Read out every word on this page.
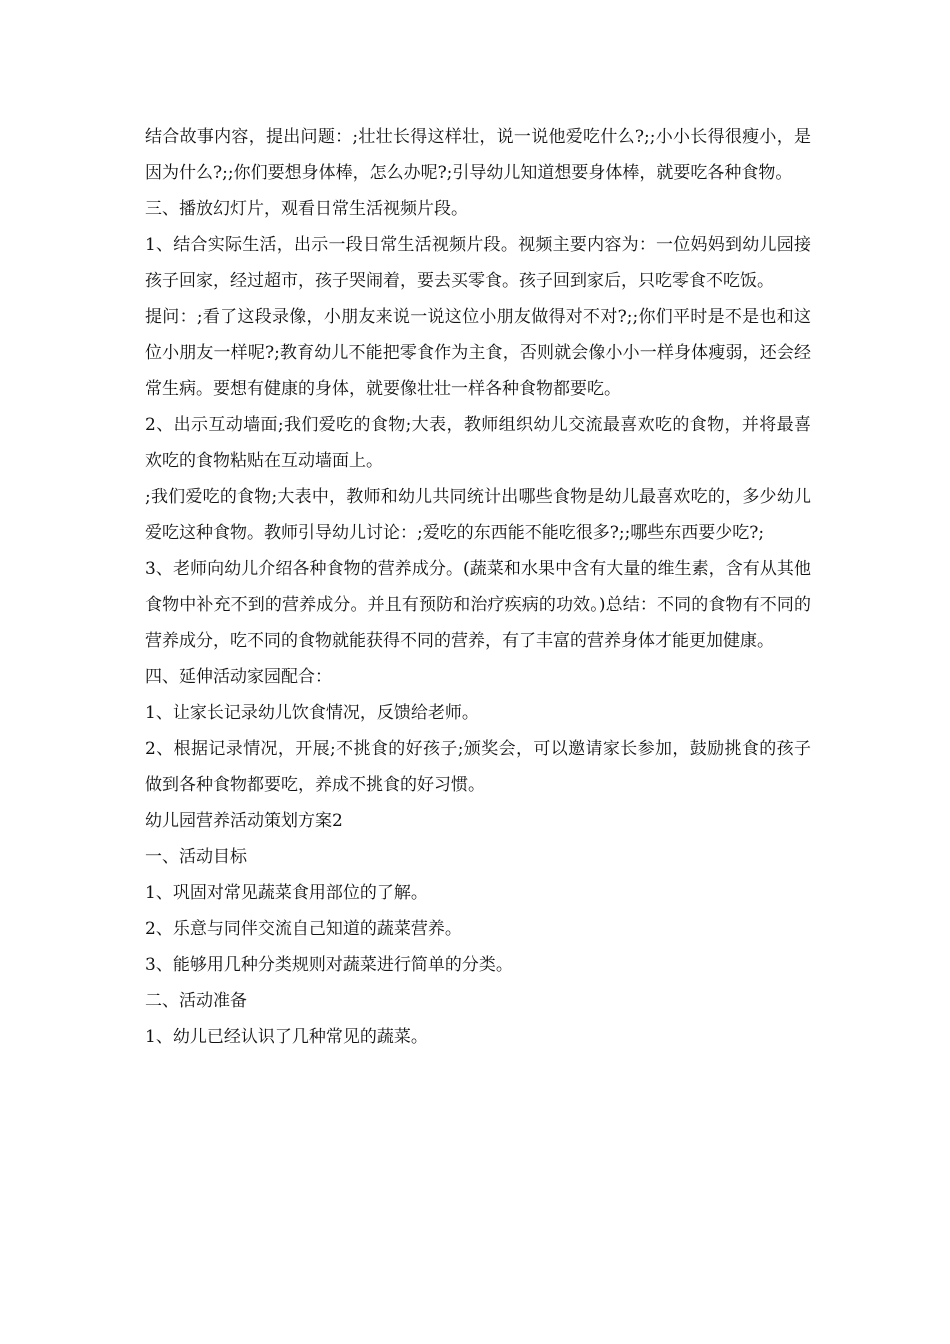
结合故事内容，提出问题：;壮壮长得这样壮，说一说他爱吃什么?;;小小长得很瘦小，是因为什么?;;你们要想身体棒，怎么办呢?;引导幼儿知道想要身体棒，就要吃各种食物。

三、播放幻灯片，观看日常生活视频片段。

1、结合实际生活，出示一段日常生活视频片段。视频主要内容为：一位妈妈到幼儿园接孩子回家，经过超市，孩子哭闹着，要去买零食。孩子回到家后，只吃零食不吃饭。

提问：;看了这段录像，小朋友来说一说这位小朋友做得对不对?;;你们平时是不是也和这位小朋友一样呢?;教育幼儿不能把零食作为主食，否则就会像小小一样身体瘦弱，还会经常生病。要想有健康的身体，就要像壮壮一样各种食物都要吃。

2、出示互动墙面;我们爱吃的食物;大表，教师组织幼儿交流最喜欢吃的食物，并将最喜欢吃的食物粘贴在互动墙面上。

;我们爱吃的食物;大表中，教师和幼儿共同统计出哪些食物是幼儿最喜欢吃的，多少幼儿爱吃这种食物。教师引导幼儿讨论：;爱吃的东西能不能吃很多?;;哪些东西要少吃?;

3、老师向幼儿介绍各种食物的营养成分。(蔬菜和水果中含有大量的维生素，含有从其他食物中补充不到的营养成分。并且有预防和治疗疾病的功效。)总结：不同的食物有不同的营养成分，吃不同的食物就能获得不同的营养，有了丰富的营养身体才能更加健康。

四、延伸活动家园配合：

1、让家长记录幼儿饮食情况，反馈给老师。

2、根据记录情况，开展;不挑食的好孩子;颁奖会，可以邀请家长参加，鼓励挑食的孩子做到各种食物都要吃，养成不挑食的好习惯。

幼儿园营养活动策划方案2

一、活动目标

1、巩固对常见蔬菜食用部位的了解。

2、乐意与同伴交流自己知道的蔬菜营养。

3、能够用几种分类规则对蔬菜进行简单的分类。

二、活动准备

1、幼儿已经认识了几种常见的蔬菜。
